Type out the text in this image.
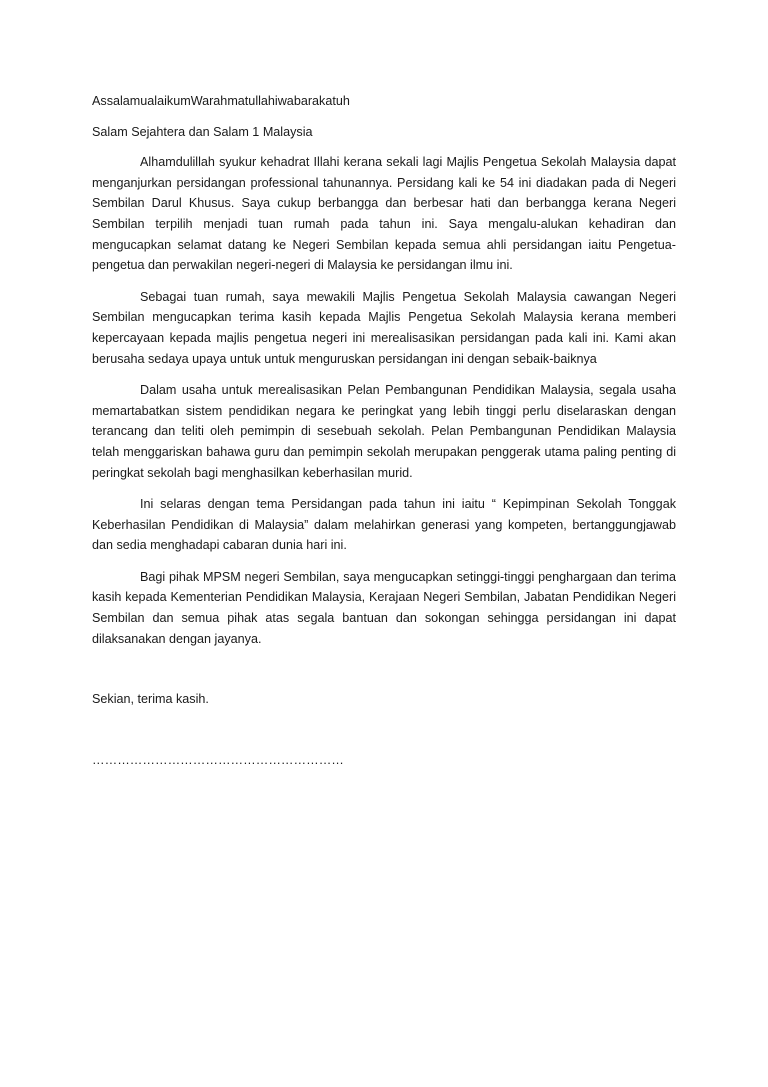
AssalamualaikumWarahmatullahiwabarakatuh

Salam Sejahtera dan Salam 1 Malaysia

Alhamdulillah syukur kehadrat Illahi kerana sekali lagi Majlis Pengetua Sekolah Malaysia dapat menganjurkan persidangan professional tahunannya. Persidang kali ke 54 ini diadakan pada di Negeri Sembilan Darul Khusus. Saya cukup berbangga dan berbesar hati dan berbangga kerana Negeri Sembilan terpilih menjadi tuan rumah pada tahun ini. Saya mengalu-alukan kehadiran dan mengucapkan selamat datang ke Negeri Sembilan kepada semua ahli persidangan iaitu Pengetua-pengetua dan perwakilan negeri-negeri di Malaysia ke persidangan ilmu ini.

Sebagai tuan rumah, saya mewakili Majlis Pengetua Sekolah Malaysia cawangan Negeri Sembilan mengucapkan terima kasih kepada Majlis Pengetua Sekolah Malaysia kerana memberi kepercayaan kepada majlis pengetua negeri ini merealisasikan persidangan pada kali ini. Kami akan berusaha sedaya upaya untuk untuk menguruskan persidangan ini dengan sebaik-baiknya

Dalam usaha untuk merealisasikan Pelan Pembangunan Pendidikan Malaysia, segala usaha memartabatkan sistem pendidikan negara ke peringkat yang lebih tinggi perlu diselaraskan dengan terancang dan teliti oleh pemimpin di sesebuah sekolah. Pelan Pembangunan Pendidikan Malaysia telah menggariskan bahawa guru dan pemimpin sekolah merupakan penggerak utama paling penting di peringkat sekolah bagi menghasilkan keberhasilan murid.

Ini selaras dengan tema Persidangan pada tahun ini iaitu “ Kepimpinan Sekolah Tonggak Keberhasilan Pendidikan di Malaysia” dalam melahirkan generasi yang kompeten, bertanggungjawab dan sedia menghadapi cabaran dunia hari ini.

Bagi pihak MPSM negeri Sembilan, saya mengucapkan setinggi-tinggi penghargaan dan terima kasih kepada Kementerian Pendidikan Malaysia, Kerajaan Negeri Sembilan, Jabatan Pendidikan Negeri Sembilan dan semua pihak atas segala bantuan dan sokongan sehingga persidangan ini dapat dilaksanakan dengan jayanya.

Sekian, terima kasih.

……………………………………………………
